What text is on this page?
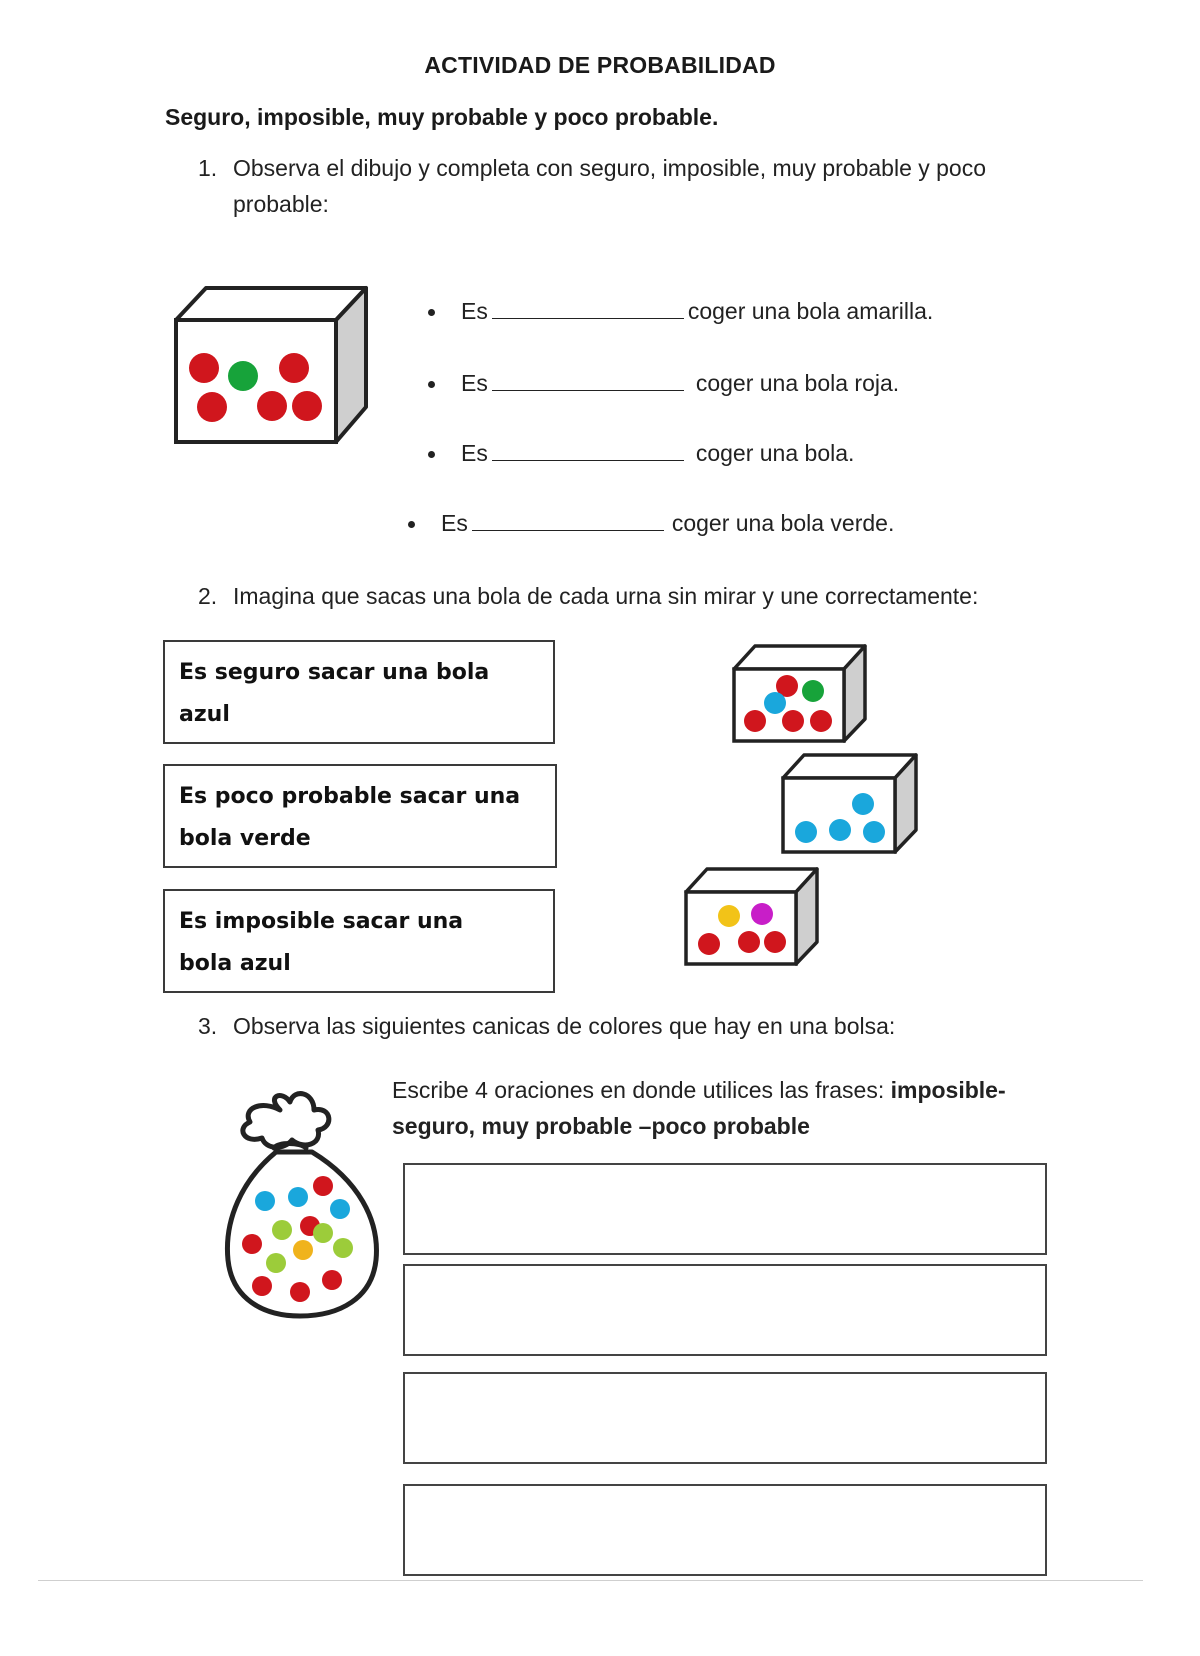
ACTIVIDAD DE PROBABILIDAD
Seguro, imposible, muy probable y poco probable.
1. Observa el dibujo y completa con seguro, imposible, muy probable y poco
probable:
Es	coger una bola amarilla.
Es	coger una bola roja.
Es	coger una bola.
Es	coger una bola verde.
2. Imagina que sacas una bola de cada urna sin mirar y une correctamente:
Es seguro sacar una bola
azul
Es poco probable sacar una
bola verde
Es imposible sacar una
bola azul
3. Observa las siguientes canicas de colores que hay en una bolsa:
Escribe 4 oraciones en donde utilices las frases: imposible-
seguro, muy probable –poco probable
